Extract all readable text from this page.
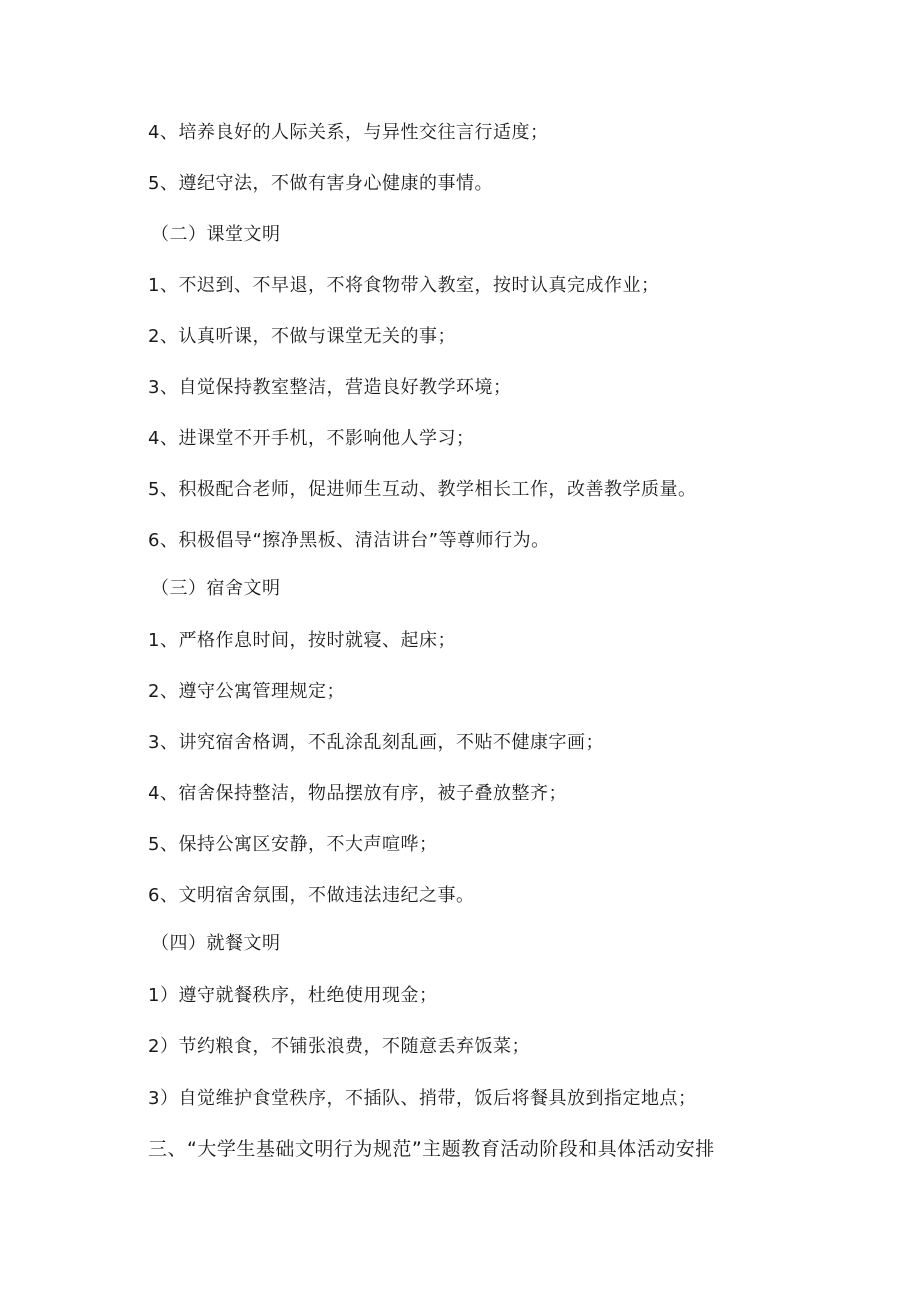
4、培养良好的人际关系，与异性交往言行适度；
5、遵纪守法，不做有害身心健康的事情。
（二）课堂文明
1、不迟到、不早退，不将食物带入教室，按时认真完成作业；
2、认真听课，不做与课堂无关的事；
3、自觉保持教室整洁，营造良好教学环境；
4、进课堂不开手机，不影响他人学习；
5、积极配合老师，促进师生互动、教学相长工作，改善教学质量。
6、积极倡导“擦净黑板、清洁讲台”等尊师行为。
（三）宿舍文明
1、严格作息时间，按时就寝、起床；
2、遵守公寓管理规定；
3、讲究宿舍格调，不乱涂乱刻乱画，不贴不健康字画；
4、宿舍保持整洁，物品摆放有序，被子叠放整齐；
5、保持公寓区安静，不大声喧哗；
6、文明宿舍氛围，不做违法违纪之事。
（四）就餐文明
1）遵守就餐秩序，杜绝使用现金；
2）节约粮食，不铺张浪费，不随意丢弃饭菜；
3）自觉维护食堂秩序，不插队、捎带，饭后将餐具放到指定地点；
三、“大学生基础文明行为规范”主题教育活动阶段和具体活动安排
